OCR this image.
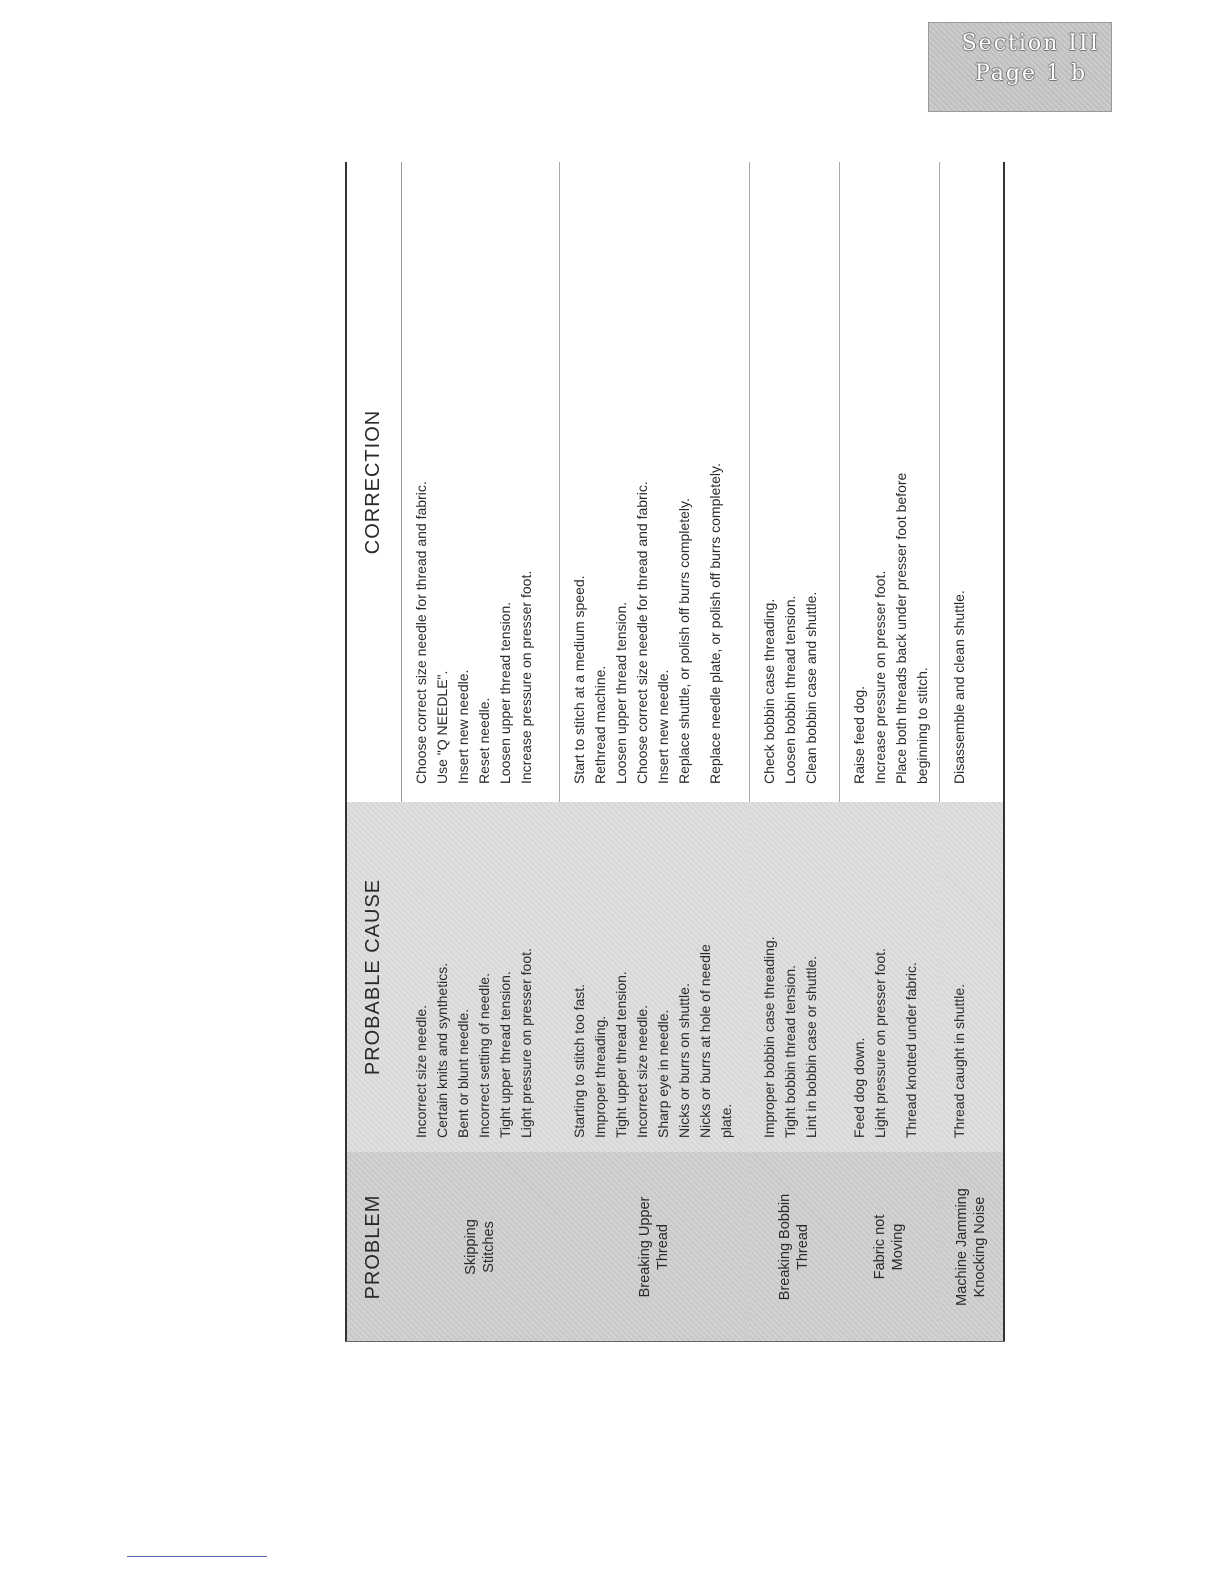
Section III
Page 1 b
PROBLEM
PROBABLE CAUSE
CORRECTION
Skipping Stitches
Incorrect size needle. Certain knits and synthetics. Bent or blunt needle. Incorrect setting of needle. Tight upper thread tension. Light pressure on presser foot.
Choose correct size needle for thread and fabric. Use "Q NEEDLE". Insert new needle. Reset needle. Loosen upper thread tension. Increase pressure on presser foot.
Breaking Upper Thread
Starting to stitch too fast. Improper threading. Tight upper thread tension. Incorrect size needle. Sharp eye in needle. Nicks or burrs on shuttle. Nicks or burrs at hole of needle plate.
Start to stitch at a medium speed. Rethread machine. Loosen upper thread tension. Choose correct size needle for thread and fabric. Insert new needle. Replace shuttle, or polish off burrs completely. Replace needle plate, or polish off burrs completely.
Breaking Bobbin Thread
Improper bobbin case threading. Tight bobbin thread tension. Lint in bobbin case or shuttle.
Check bobbin case threading. Loosen bobbin thread tension. Clean bobbin case and shuttle.
Fabric not Moving
Feed dog down. Light pressure on presser foot. Thread knotted under fabric.
Raise feed dog. Increase pressure on presser foot. Place both threads back under presser foot before beginning to stitch.
Machine Jamming Knocking Noise
Thread caught in shuttle.
Disassemble and clean shuttle.
